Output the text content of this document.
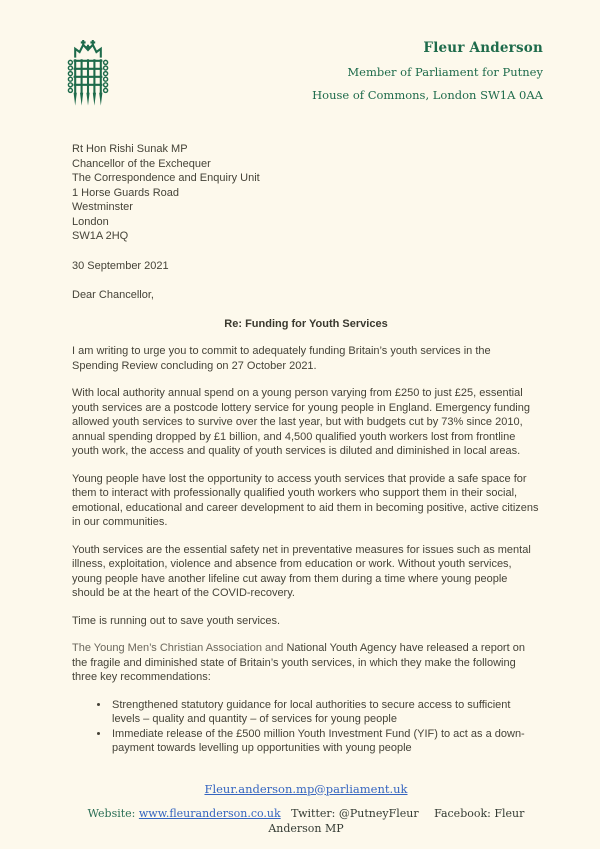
Fleur Anderson
Member of Parliament for Putney
House of Commons, London SW1A 0AA
Rt Hon Rishi Sunak MP
Chancellor of the Exchequer
The Correspondence and Enquiry Unit
1 Horse Guards Road
Westminster
London
SW1A 2HQ
30 September 2021
Dear Chancellor,
Re: Funding for Youth Services

I am writing to urge you to commit to adequately funding Britain’s youth services in the Spending Review concluding on 27 October 2021.

With local authority annual spend on a young person varying from £250 to just £25, essential youth services are a postcode lottery service for young people in England. Emergency funding allowed youth services to survive over the last year, but with budgets cut by 73% since 2010, annual spending dropped by £1 billion, and 4,500 qualified youth workers lost from frontline youth work, the access and quality of youth services is diluted and diminished in local areas.

Young people have lost the opportunity to access youth services that provide a safe space for them to interact with professionally qualified youth workers who support them in their social, emotional, educational and career development to aid them in becoming positive, active citizens in our communities.

Youth services are the essential safety net in preventative measures for issues such as mental illness, exploitation, violence and absence from education or work. Without youth services, young people have another lifeline cut away from them during a time where young people should be at the heart of the COVID-recovery.

Time is running out to save youth services.

The Young Men’s Christian Association and National Youth Agency have released a report on the fragile and diminished state of Britain’s youth services, in which they make the following three key recommendations:

• Strengthened statutory guidance for local authorities to secure access to sufficient levels – quality and quantity – of services for young people
• Immediate release of the £500 million Youth Investment Fund (YIF) to act as a down-payment towards levelling up opportunities with young people
Fleur.anderson.mp@parliament.uk
Website: www.fleuranderson.co.uk Twitter: @PutneyFleur Facebook: Fleur Anderson MP
